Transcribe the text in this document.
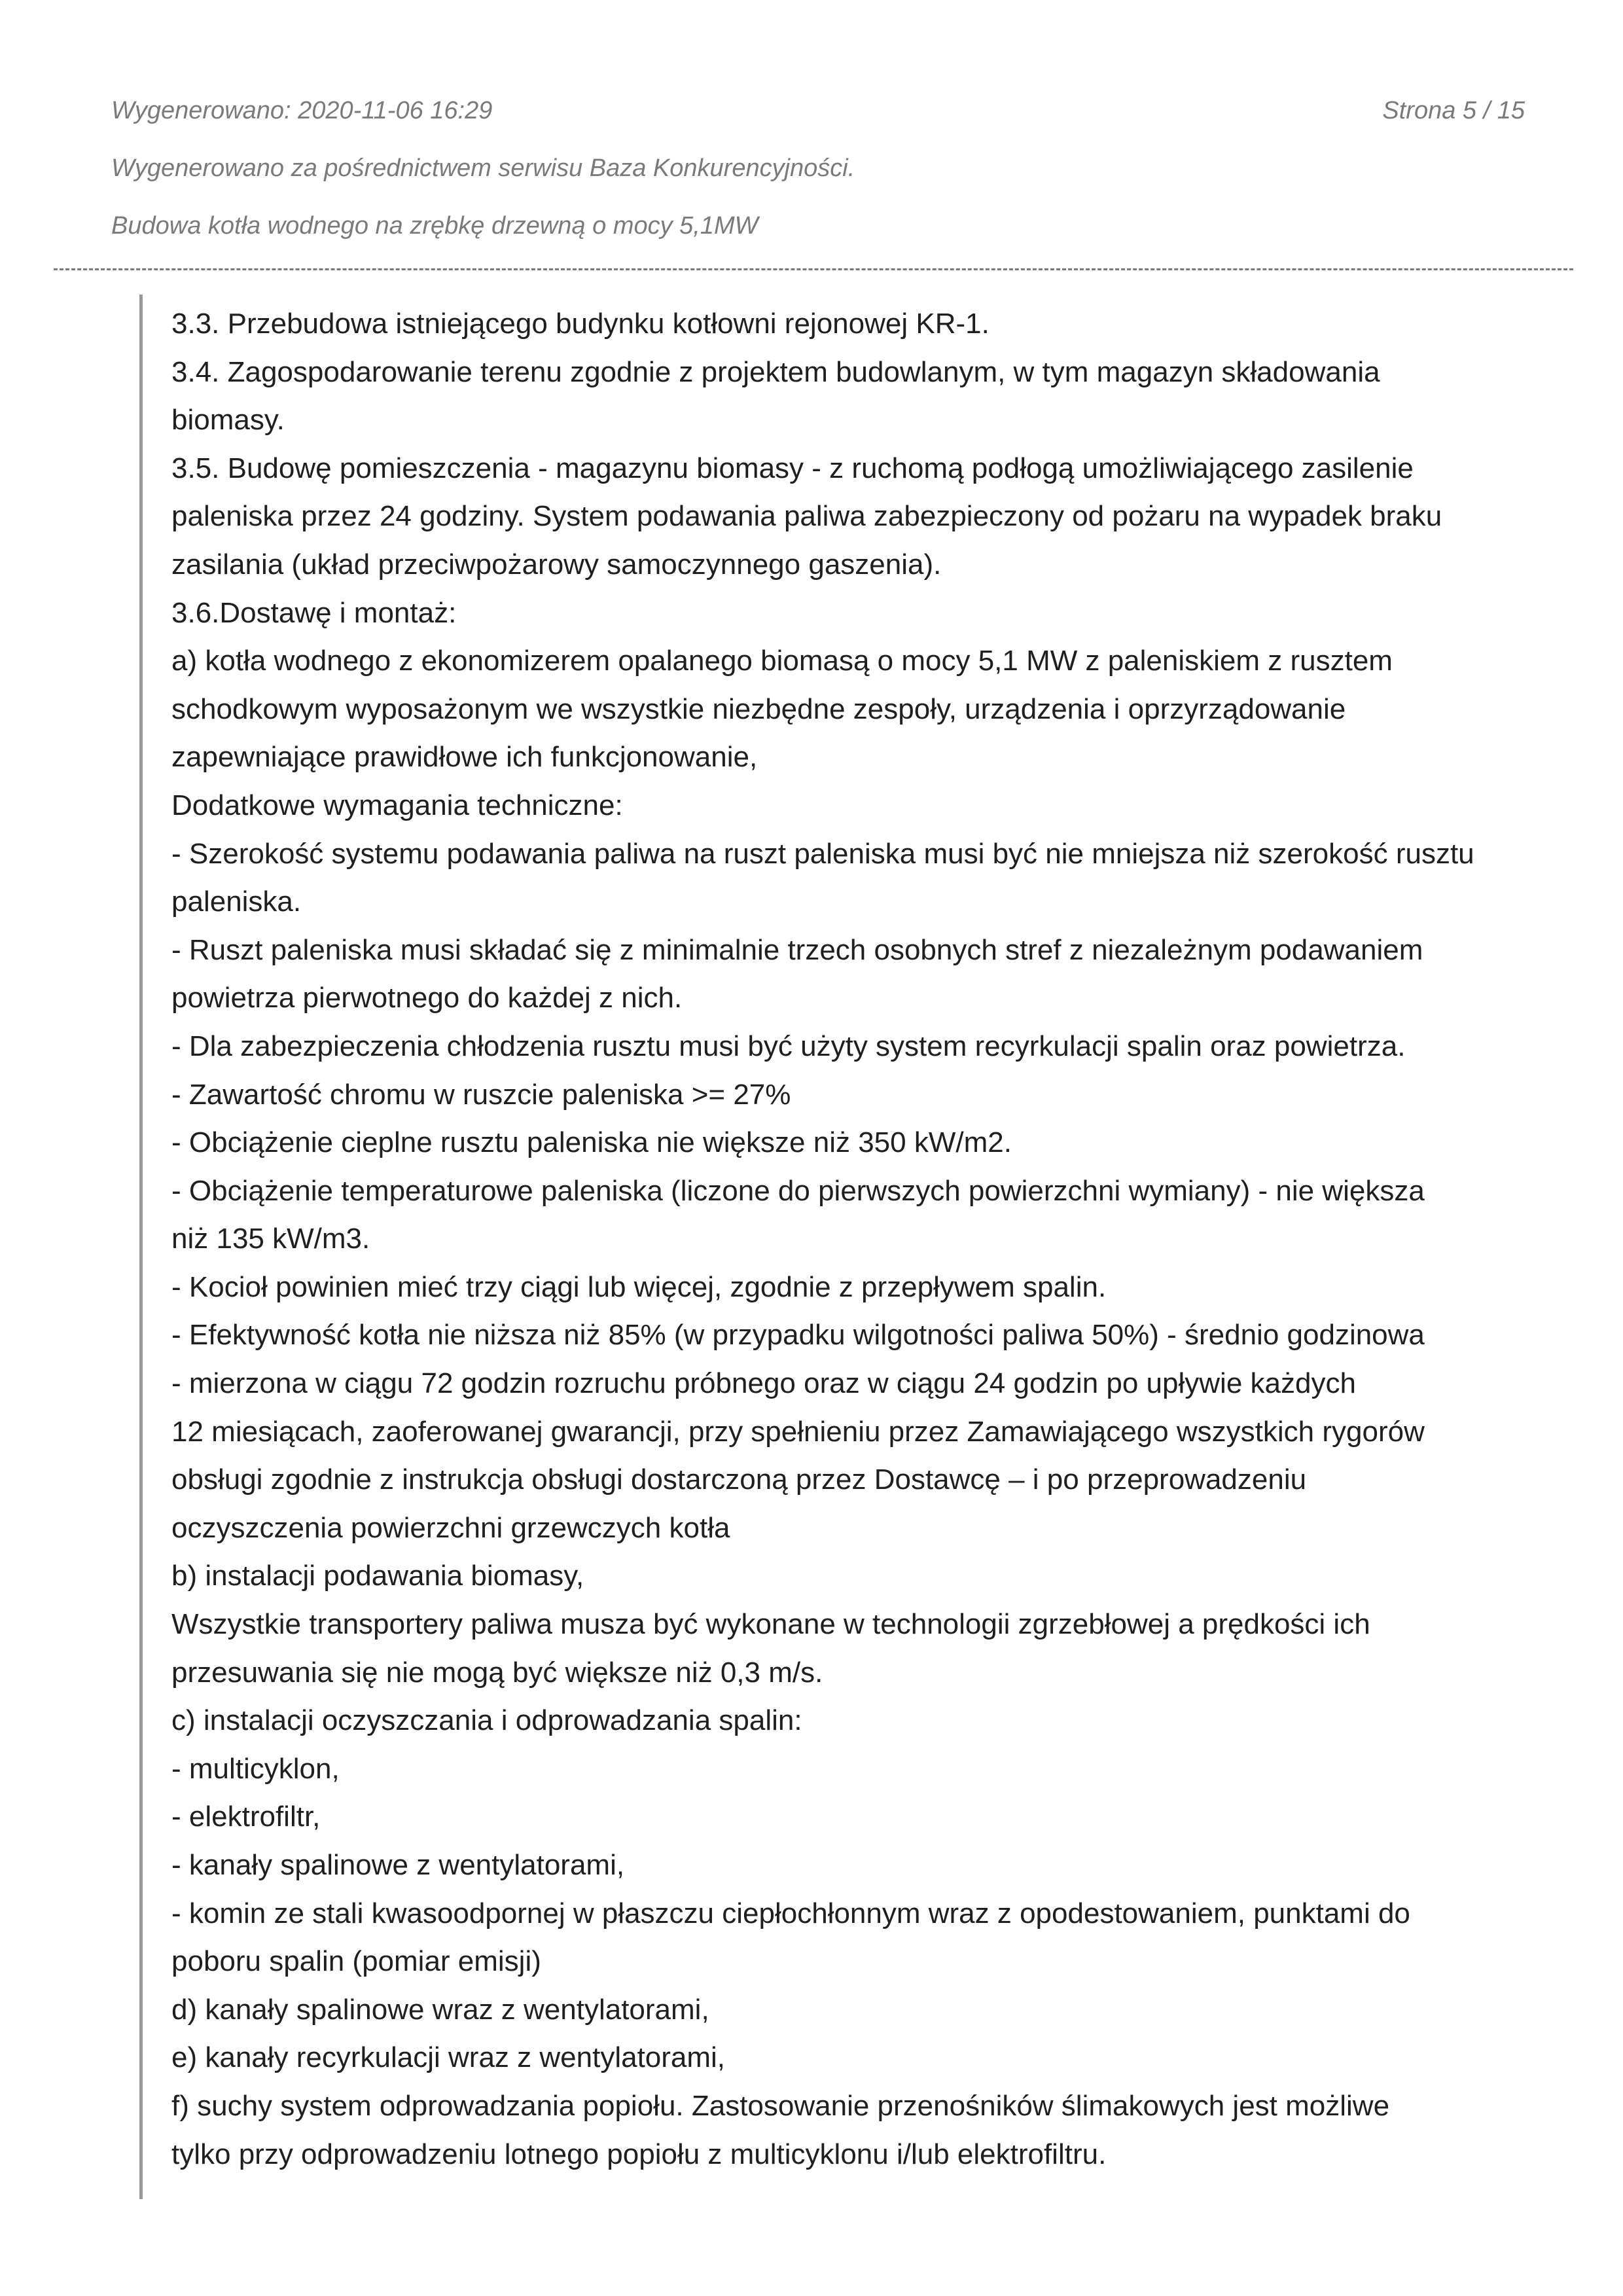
Wygenerowano: 2020-11-06 16:29	Strona 5 / 15
Wygenerowano za pośrednictwem serwisu Baza Konkurencyjności.
Budowa kotła wodnego na zrębkę drzewną o mocy 5,1MW
3.3. Przebudowa istniejącego budynku kotłowni rejonowej KR-1.
3.4. Zagospodarowanie terenu zgodnie z projektem budowlanym, w tym magazyn składowania
biomasy.
3.5. Budowę pomieszczenia - magazynu biomasy - z ruchomą podłogą umożliwiającego zasilenie
paleniska przez 24 godziny. System podawania paliwa zabezpieczony od pożaru na wypadek braku
zasilania (układ przeciwpożarowy samoczynnego gaszenia).
3.6.Dostawę i montaż:
a) kotła wodnego z ekonomizerem opalanego biomasą o mocy 5,1 MW z paleniskiem z rusztem
schodkowym wyposażonym we wszystkie niezbędne zespoły, urządzenia i oprzyrządowanie
zapewniające prawidłowe ich funkcjonowanie,
Dodatkowe wymagania techniczne:
- Szerokość systemu podawania paliwa na ruszt paleniska musi być nie mniejsza niż szerokość rusztu
paleniska.
- Ruszt paleniska musi składać się z minimalnie trzech osobnych stref z niezależnym podawaniem
powietrza pierwotnego do każdej z nich.
- Dla zabezpieczenia chłodzenia rusztu musi być użyty system recyrkulacji spalin oraz powietrza.
- Zawartość chromu w ruszcie paleniska >= 27%
- Obciążenie cieplne rusztu paleniska nie większe niż 350 kW/m2.
- Obciążenie temperaturowe paleniska (liczone do pierwszych powierzchni wymiany) - nie większa
niż 135 kW/m3.
- Kocioł powinien mieć trzy ciągi lub więcej, zgodnie z przepływem spalin.
- Efektywność kotła nie niższa niż 85% (w przypadku wilgotności paliwa 50%) - średnio godzinowa
- mierzona w ciągu 72 godzin rozruchu próbnego oraz w ciągu 24 godzin po upływie każdych
12 miesiącach, zaoferowanej gwarancji, przy spełnieniu przez Zamawiającego wszystkich rygorów
obsługi zgodnie z instrukcja obsługi dostarczoną przez Dostawcę – i po przeprowadzeniu
oczyszczenia powierzchni grzewczych kotła
b) instalacji podawania biomasy,
Wszystkie transportery paliwa musza być wykonane w technologii zgrzebłowej a prędkości ich
przesuwania się nie mogą być większe niż 0,3 m/s.
c) instalacji oczyszczania i odprowadzania spalin:
- multicyklon,
- elektrofiltr,
- kanały spalinowe z wentylatorami,
- komin ze stali kwasoodpornej w płaszczu ciepłochłonnym wraz z opodestowaniem, punktami do
poboru spalin (pomiar emisji)
d) kanały spalinowe wraz z wentylatorami,
e) kanały recyrkulacji wraz z wentylatorami,
f) suchy system odprowadzania popiołu. Zastosowanie przenośników ślimakowych jest możliwe
tylko przy odprowadzeniu lotnego popiołu z multicyklonu i/lub elektrofiltru.
